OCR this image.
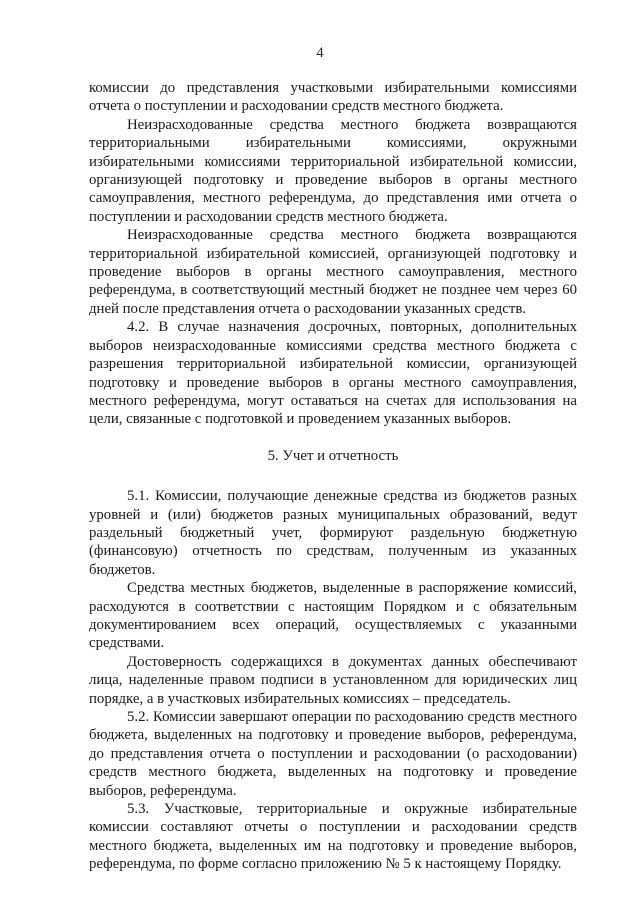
4

комиссии до представления участковыми избирательными комиссиями отчета о поступлении и расходовании средств местного бюджета.

Неизрасходованные средства местного бюджета возвращаются территориальными избирательными комиссиями, окружными избирательными комиссиями территориальной избирательной комиссии, организующей подготовку и проведение выборов в органы местного самоуправления, местного референдума, до представления ими отчета о поступлении и расходовании средств местного бюджета.

Неизрасходованные средства местного бюджета возвращаются территориальной избирательной комиссией, организующей подготовку и проведение выборов в органы местного самоуправления, местного референдума, в соответствующий местный бюджет не позднее чем через 60 дней после представления отчета о расходовании указанных средств.

4.2. В случае назначения досрочных, повторных, дополнительных выборов неизрасходованные комиссиями средства местного бюджета с разрешения территориальной избирательной комиссии, организующей подготовку и проведение выборов в органы местного самоуправления, местного референдума, могут оставаться на счетах для использования на цели, связанные с подготовкой и проведением указанных выборов.

5. Учет и отчетность

5.1. Комиссии, получающие денежные средства из бюджетов разных уровней и (или) бюджетов разных муниципальных образований, ведут раздельный бюджетный учет, формируют раздельную бюджетную (финансовую) отчетность по средствам, полученным из указанных бюджетов.

Средства местных бюджетов, выделенные в распоряжение комиссий, расходуются в соответствии с настоящим Порядком и с обязательным документированием всех операций, осуществляемых с указанными средствами.

Достоверность содержащихся в документах данных обеспечивают лица, наделенные правом подписи в установленном для юридических лиц порядке, а в участковых избирательных комиссиях – председатель.

5.2. Комиссии завершают операции по расходованию средств местного бюджета, выделенных на подготовку и проведение выборов, референдума, до представления отчета о поступлении и расходовании (о расходовании) средств местного бюджета, выделенных на подготовку и проведение выборов, референдума.

5.3. Участковые, территориальные и окружные избирательные комиссии составляют отчеты о поступлении и расходовании средств местного бюджета, выделенных им на подготовку и проведение выборов, референдума, по форме согласно приложению № 5 к настоящему Порядку.
